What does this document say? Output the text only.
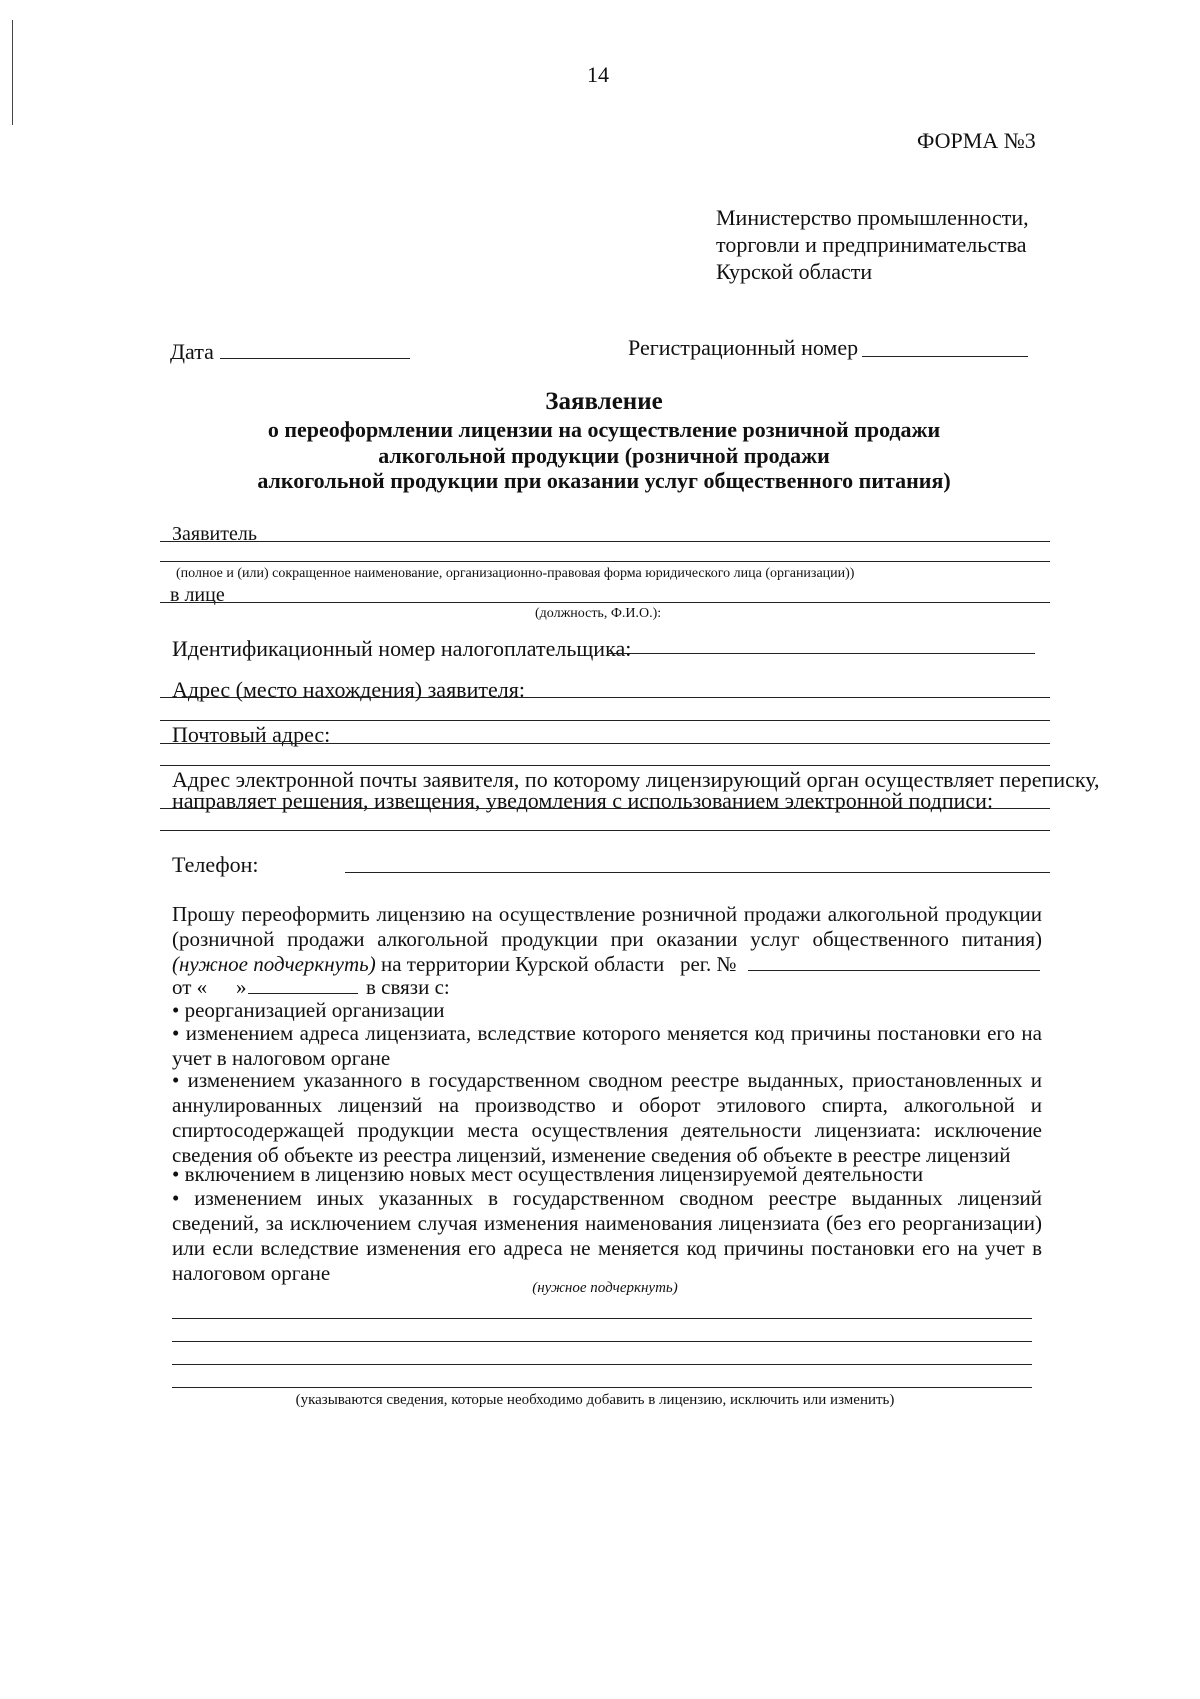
14
ФОРМА №3
Министерство промышленности,
торговли и предпринимательства
Курской области
Дата	Регистрационный номер
Заявление
о переоформлении лицензии на осуществление розничной продажи
алкогольной продукции (розничной продажи
алкогольной продукции при оказании услуг общественного питания)
Заявитель
(полное и (или) сокращенное наименование, организационно-правовая форма юридического лица (организации))
в лице
(должность, Ф.И.О.):
Идентификационный номер налогоплательщика:
Адрес (место нахождения) заявителя:
Почтовый адрес:
Адрес электронной почты заявителя, по которому лицензирующий орган осуществляет переписку,
направляет решения, извещения, уведомления с использованием электронной подписи:
Телефон:
Прошу переоформить лицензию на осуществление розничной продажи алкогольной продукции (розничной продажи алкогольной продукции при оказании услуг общественного питания) (нужное подчеркнуть) на территории Курской области рег. №
от « »	в связи с:
• реорганизацией организации
• изменением адреса лицензиата, вследствие которого меняется код причины постановки его на учет в налоговом органе
• изменением указанного в государственном сводном реестре выданных, приостановленных и аннулированных лицензий на производство и оборот этилового спирта, алкогольной и спиртосодержащей продукции места осуществления деятельности лицензиата: исключение сведения об объекте из реестра лицензий, изменение сведения об объекте в реестре лицензий
• включением в лицензию новых мест осуществления лицензируемой деятельности
• изменением иных указанных в государственном сводном реестре выданных лицензий сведений, за исключением случая изменения наименования лицензиата (без его реорганизации) или если вследствие изменения его адреса не меняется код причины постановки его на учет в налоговом органе
(нужное подчеркнуть)
(указываются сведения, которые необходимо добавить в лицензию, исключить или изменить)
